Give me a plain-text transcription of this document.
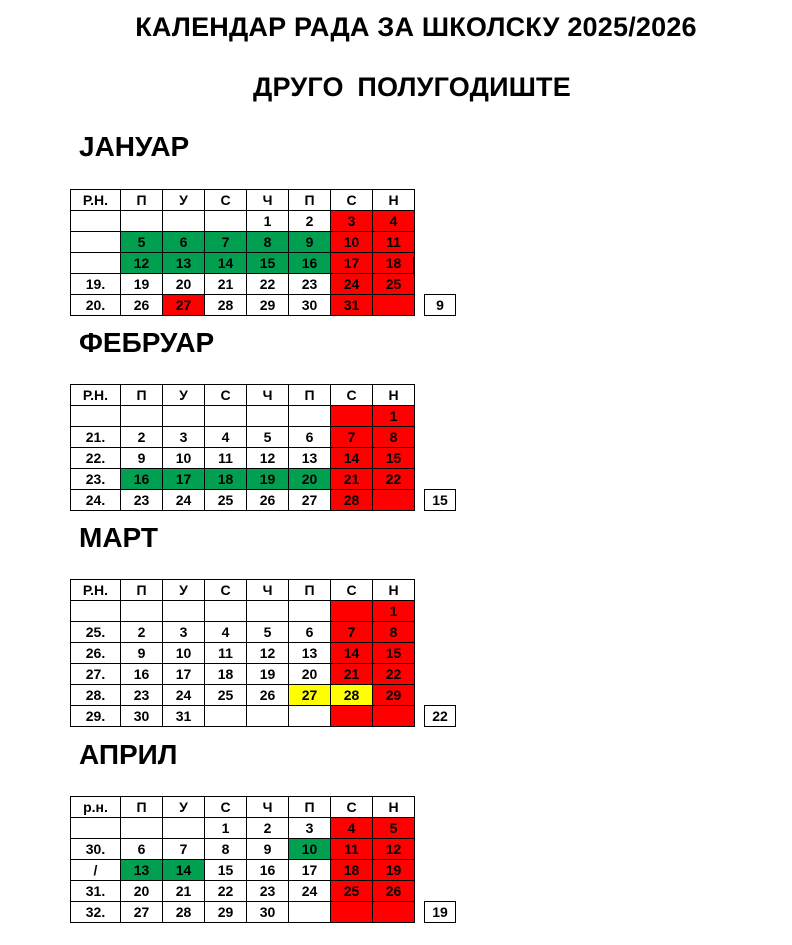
КАЛЕНДАР РАДА ЗА ШКОЛСКУ 2025/2026
ДРУГО ПОЛУГОДИШТЕ
ЈАНУАР
Р.Н.	П	У	С	Ч	П	С	Н		
				1	2	3	4		
	5	6	7	8	9	10	11		
	12	13	14	15	16	17	18		
19.	19	20	21	22	23	24	25		
20.	26	27	28	29	30	31			9
ФЕБРУАР
Р.Н.	П	У	С	Ч	П	С	Н		
							1		
21.	2	3	4	5	6	7	8		
22.	9	10	11	12	13	14	15		
23.	16	17	18	19	20	21	22		
24.	23	24	25	26	27	28			15
МАРТ
Р.Н.	П	У	С	Ч	П	С	Н		
							1		
25.	2	3	4	5	6	7	8		
26.	9	10	11	12	13	14	15		
27.	16	17	18	19	20	21	22		
28.	23	24	25	26	27	28	29		
29.	30	31							22
АПРИЛ
р.н.	П	У	С	Ч	П	С	Н		
			1	2	3	4	5		
30.	6	7	8	9	10	11	12		
/	13	14	15	16	17	18	19		
31.	20	21	22	23	24	25	26		
32.	27	28	29	30					19
